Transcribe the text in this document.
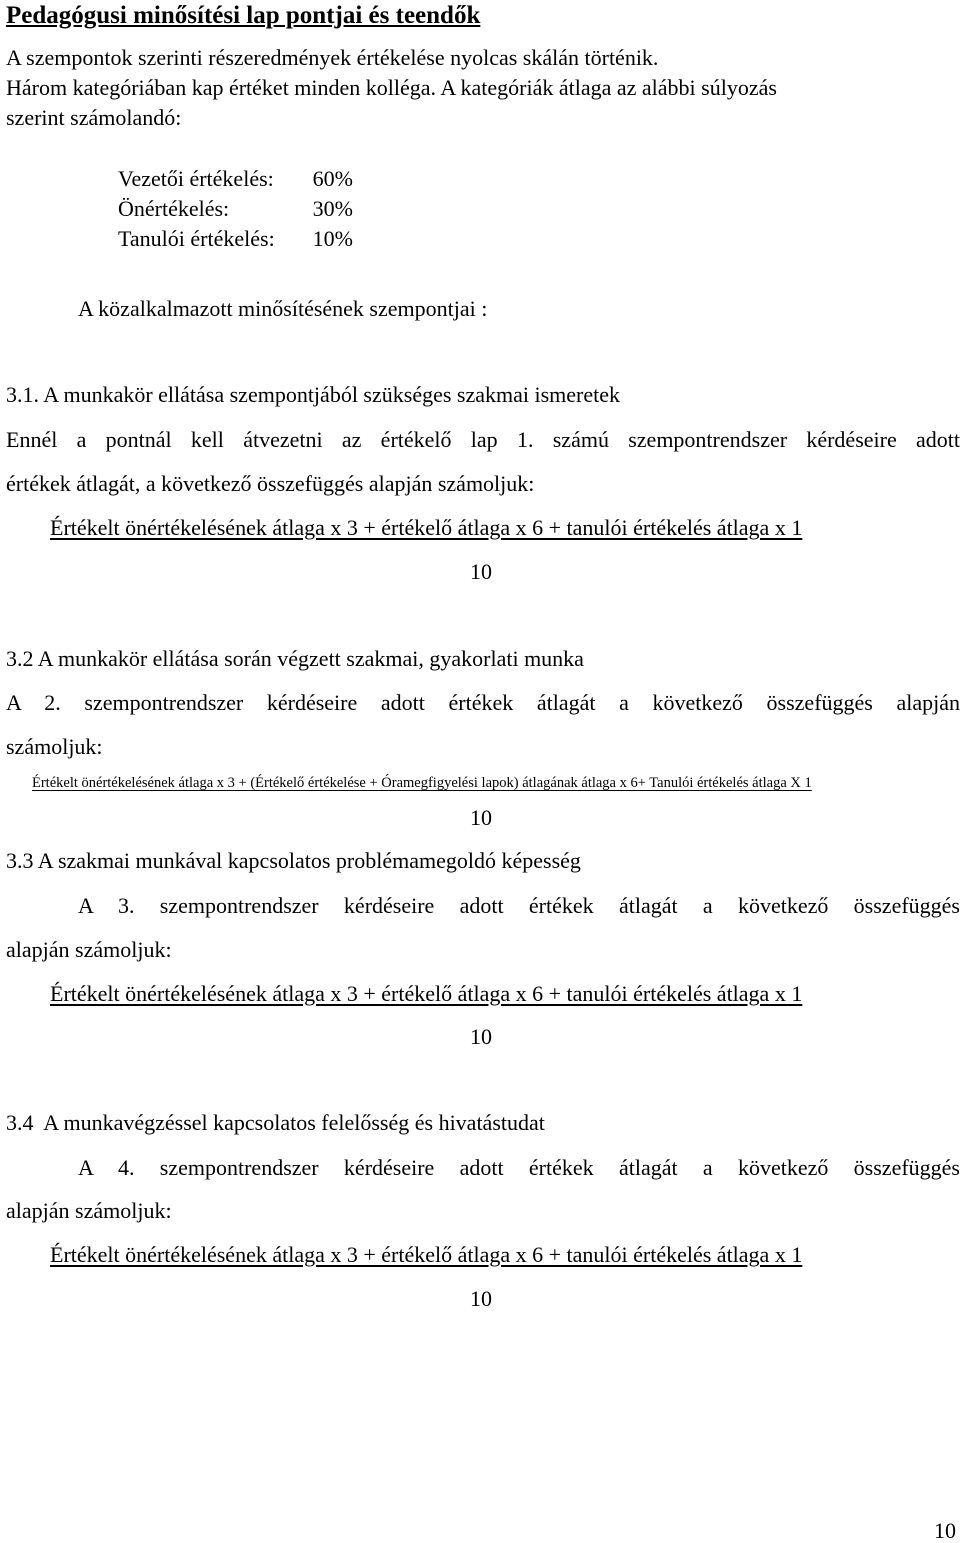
Pedagógusi minősítési lap pontjai és teendők

A szempontok szerinti részeredmények értékelése nyolcas skálán történik.

Három kategóriában kap értéket minden kolléga. A kategóriák átlaga az alábbi súlyozás

szerint számolandó:

Vezetői értékelés:	60%
Önértékelés:	30%
Tanulói értékelés:	10%

A közalkalmazott minősítésének szempontjai :

3.1. A munkakör ellátása szempontjából szükséges szakmai ismeretek

Ennél a pontnál kell átvezetni az értékelő lap 1. számú szempontrendszer kérdéseire adott

értékek átlagát, a következő összefüggés alapján számoljuk:

Értékelt önértékelésének átlaga x 3 + értékelő átlaga x 6 + tanulói értékelés átlaga x 1

10

3.2 A munkakör ellátása során végzett szakmai, gyakorlati munka

A 2. szempontrendszer kérdéseire adott értékek átlagát a következő összefüggés alapján

számoljuk:

Értékelt önértékelésének átlaga x 3 + (Értékelő értékelése + Óramegfigyelési lapok) átlagának átlaga x 6+ Tanulói értékelés átlaga X 1

10

3.3 A szakmai munkával kapcsolatos problémamegoldó képesség

A 3. szempontrendszer kérdéseire adott értékek átlagát a következő összefüggés

alapján számoljuk:

Értékelt önértékelésének átlaga x 3 + értékelő átlaga x 6 + tanulói értékelés átlaga x 1

10

3.4  A munkavégzéssel kapcsolatos felelősség és hivatástudat

A 4. szempontrendszer kérdéseire adott értékek átlagát a következő összefüggés

alapján számoljuk:

Értékelt önértékelésének átlaga x 3 + értékelő átlaga x 6 + tanulói értékelés átlaga x 1

10

10
